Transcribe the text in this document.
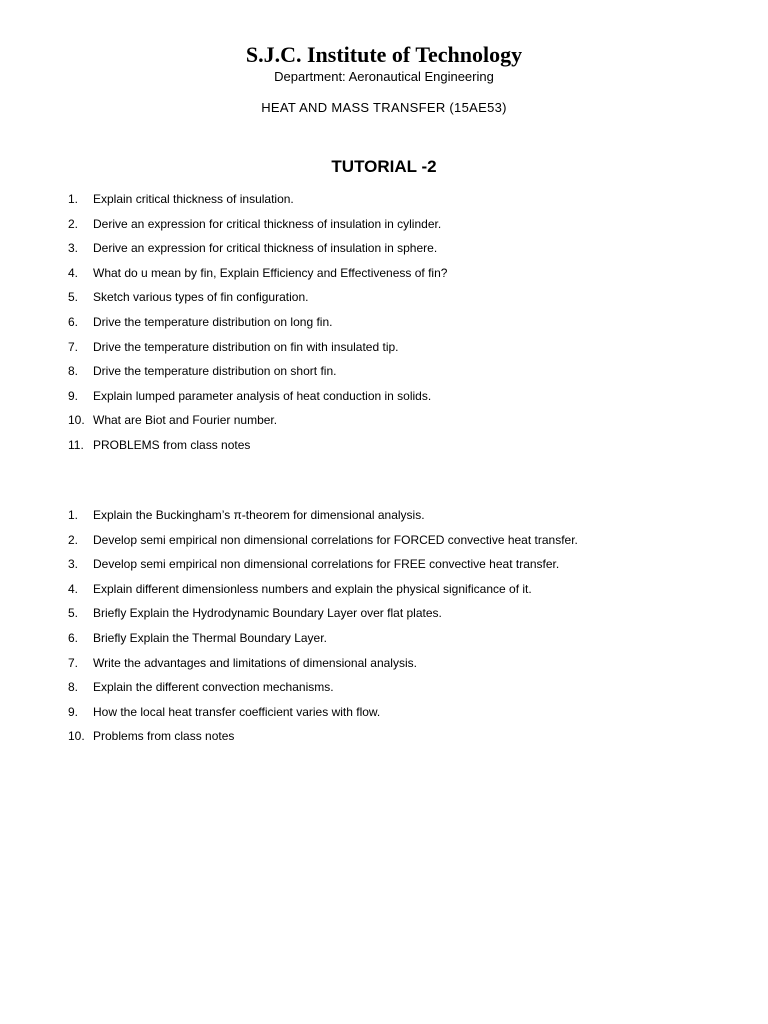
S.J.C. Institute of Technology
Department: Aeronautical Engineering
HEAT AND MASS TRANSFER (15AE53)
TUTORIAL -2
1. Explain critical thickness of insulation.
2. Derive an expression for critical thickness of insulation in cylinder.
3. Derive an expression for critical thickness of insulation in sphere.
4. What do u mean by fin, Explain Efficiency and Effectiveness of fin?
5. Sketch various types of fin configuration.
6. Drive the temperature distribution on long fin.
7. Drive the temperature distribution on fin with insulated tip.
8. Drive the temperature distribution on short fin.
9. Explain lumped parameter analysis of heat conduction in solids.
10. What are Biot and Fourier number.
11. PROBLEMS from class notes
1. Explain the Buckingham’s π-theorem for dimensional analysis.
2. Develop semi empirical non dimensional correlations for FORCED convective heat transfer.
3. Develop semi empirical non dimensional correlations for FREE convective heat transfer.
4. Explain different dimensionless numbers and explain the physical significance of it.
5. Briefly Explain the Hydrodynamic Boundary Layer over flat plates.
6. Briefly Explain the Thermal Boundary Layer.
7. Write the advantages and limitations of dimensional analysis.
8. Explain the different convection mechanisms.
9. How the local heat transfer coefficient varies with flow.
10. Problems from class notes
